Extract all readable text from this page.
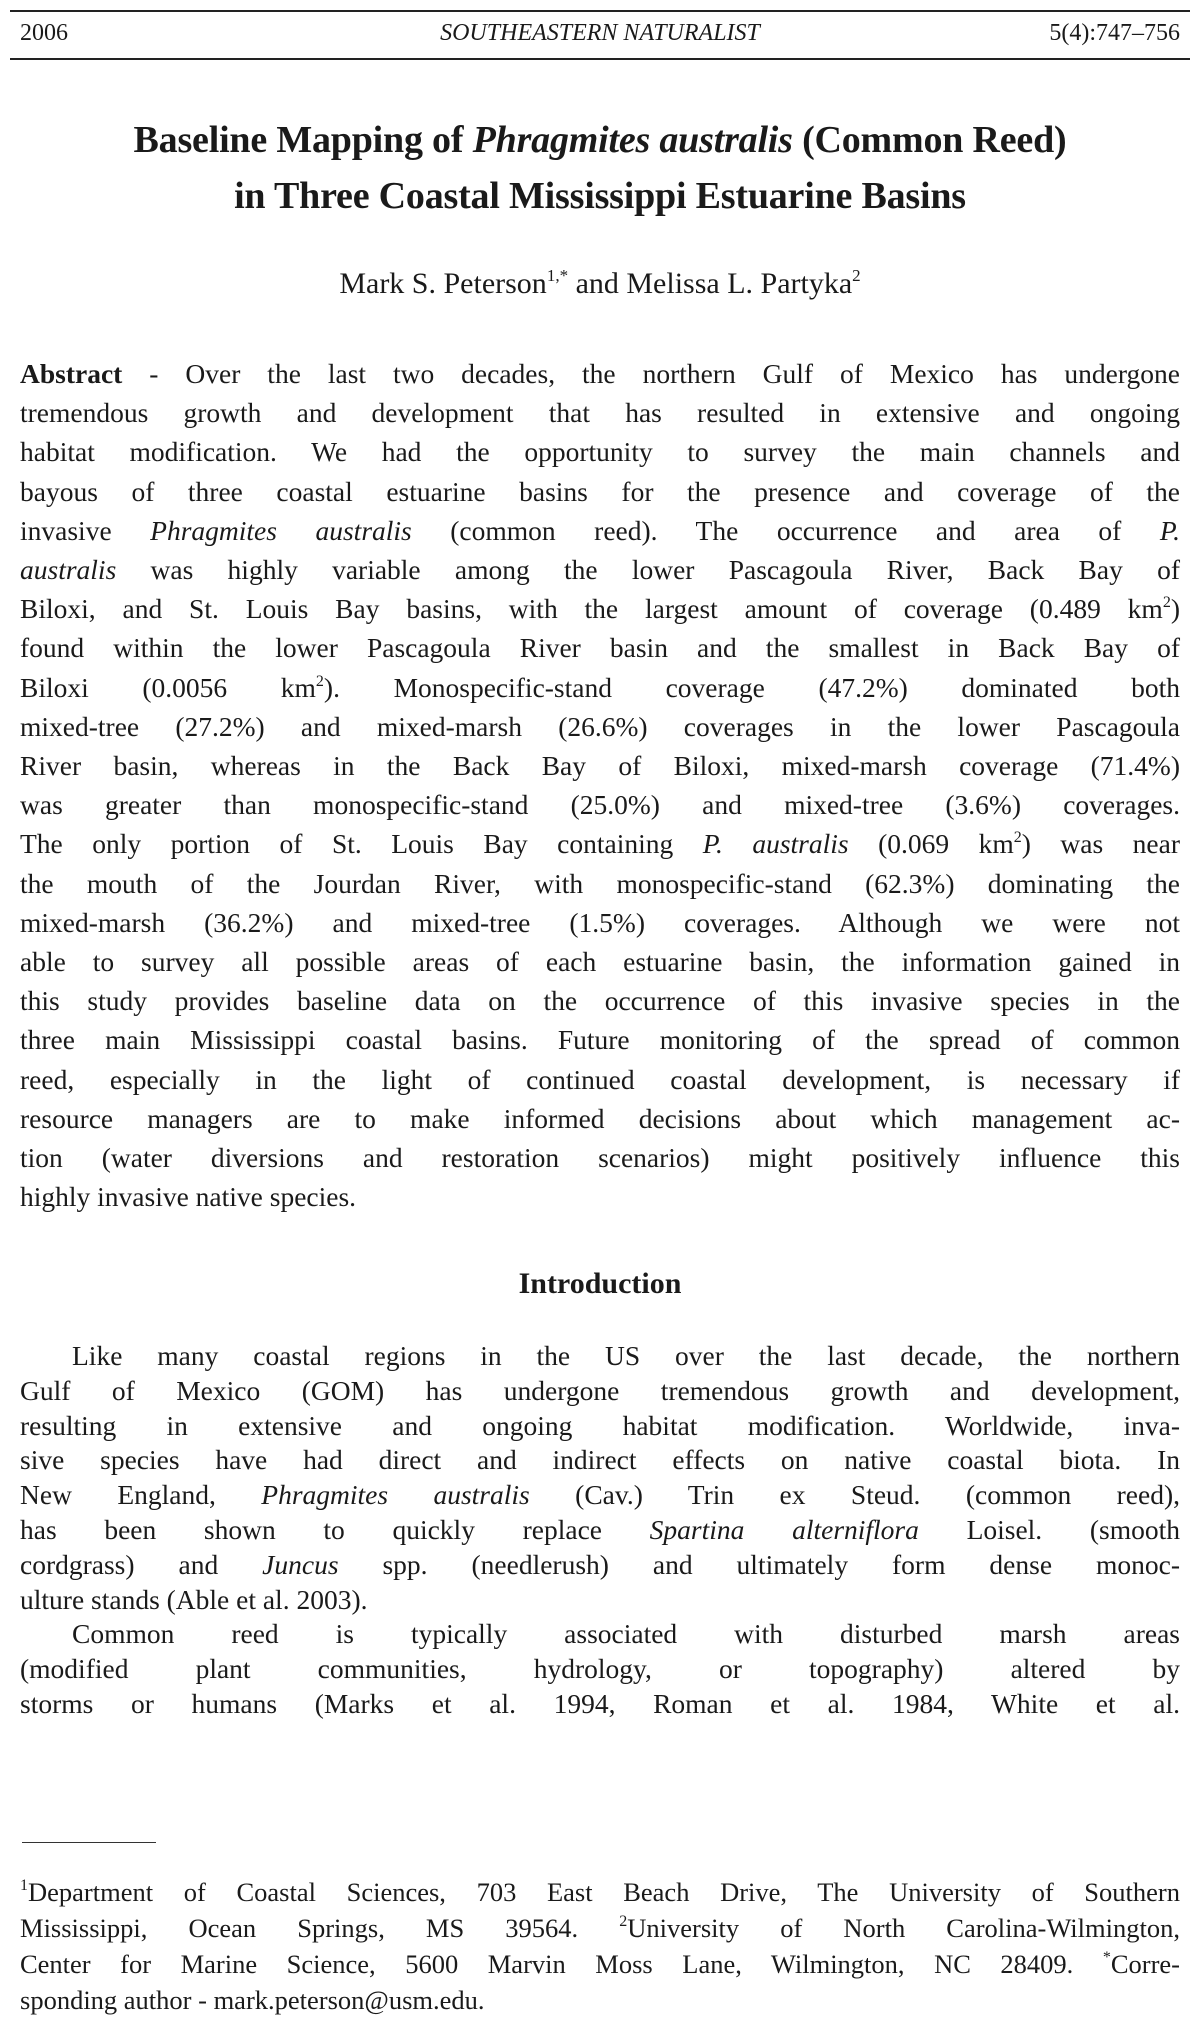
2006	SOUTHEASTERN NATURALIST	5(4):747–756
Baseline Mapping of Phragmites australis (Common Reed)
in Three Coastal Mississippi Estuarine Basins
Mark S. Peterson$^{1,*}$ and Melissa L. Partyka$^2$
Abstract - Over the last two decades, the northern Gulf of Mexico has undergone
tremendous growth and development that has resulted in extensive and ongoing
habitat modification. We had the opportunity to survey the main channels and
bayous of three coastal estuarine basins for the presence and coverage of the
invasive Phragmites australis (common reed). The occurrence and area of P.
australis was highly variable among the lower Pascagoula River, Back Bay of
Biloxi, and St. Louis Bay basins, with the largest amount of coverage (0.489 $km^2$)
found within the lower Pascagoula River basin and the smallest in Back Bay of
Biloxi (0.0056 $km^2$). Monospecific-stand coverage (47.2%) dominated both
mixed-tree (27.2%) and mixed-marsh (26.6%) coverages in the lower Pascagoula
River basin, whereas in the Back Bay of Biloxi, mixed-marsh coverage (71.4%)
was greater than monospecific-stand (25.0%) and mixed-tree (3.6%) coverages.
The only portion of St. Louis Bay containing P. australis (0.069 $km^2$) was near
the mouth of the Jourdan River, with monospecific-stand (62.3%) dominating the
mixed-marsh (36.2%) and mixed-tree (1.5%) coverages. Although we were not
able to survey all possible areas of each estuarine basin, the information gained in
this study provides baseline data on the occurrence of this invasive species in the
three main Mississippi coastal basins. Future monitoring of the spread of common
reed, especially in the light of continued coastal development, is necessary if
resource managers are to make informed decisions about which management ac-
tion (water diversions and restoration scenarios) might positively influence this
highly invasive native species.
Introduction
Like many coastal regions in the US over the last decade, the northern
Gulf of Mexico (GOM) has undergone tremendous growth and development,
resulting in extensive and ongoing habitat modification. Worldwide, inva-
sive species have had direct and indirect effects on native coastal biota. In
New England, Phragmites australis (Cav.) Trin ex Steud. (common reed),
has been shown to quickly replace Spartina alterniflora Loisel. (smooth
cordgrass) and Juncus spp. (needlerush) and ultimately form dense monoc-
ulture stands (Able et al. 2003).
Common reed is typically associated with disturbed marsh areas
(modified plant communities, hydrology, or topography) altered by
storms or humans (Marks et al. 1994, Roman et al. 1984, White et al.
$^1$Department of Coastal Sciences, 703 East Beach Drive, The University of Southern
Mississippi, Ocean Springs, MS 39564. $^2$University of North Carolina-Wilmington,
Center for Marine Science, 5600 Marvin Moss Lane, Wilmington, NC 28409. *Corre-
sponding author - mark.peterson@usm.edu.
